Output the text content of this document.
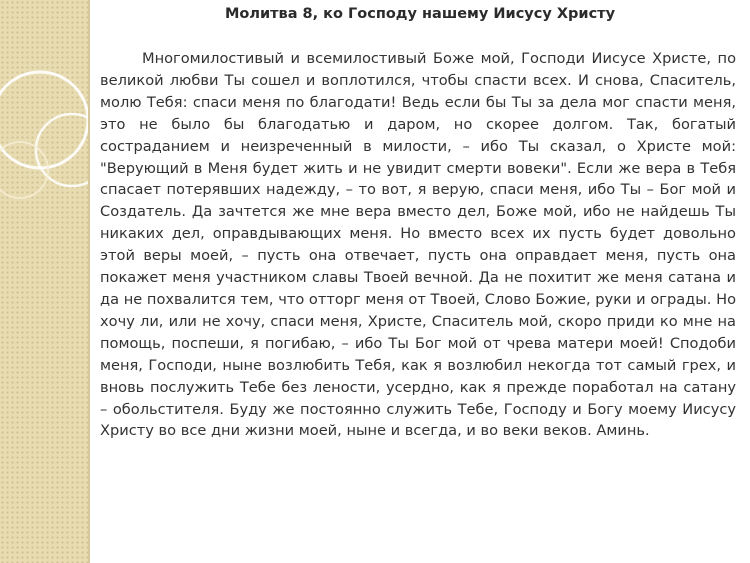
Молитва 8, ко Господу нашему Иисусу Христу

Многомилостивый и всемилостивый Боже мой, Господи Иисусе Христе, по великой любви Ты сошел и воплотился, чтобы спасти всех. И снова, Спаситель, молю Тебя: спаси меня по благодати! Ведь если бы Ты за дела мог спасти меня, это не было бы благодатью и даром, но скорее долгом. Так, богатый состраданием и неизреченный в милости, – ибо Ты сказал, о Христе мой: "Верующий в Меня будет жить и не увидит смерти вовеки". Если же вера в Тебя спасает потерявших надежду, – то вот, я верую, спаси меня, ибо Ты – Бог мой и Создатель. Да зачтется же мне вера вместо дел, Боже мой, ибо не найдешь Ты никаких дел, оправдывающих меня. Но вместо всех их пусть будет довольно этой веры моей, – пусть она отвечает, пусть она оправдает меня, пусть она покажет меня участником славы Твоей вечной. Да не похитит же меня сатана и да не похвалится тем, что отторг меня от Твоей, Слово Божие, руки и ограды. Но хочу ли, или не хочу, спаси меня, Христе, Спаситель мой, скоро приди ко мне на помощь, поспеши, я погибаю, – ибо Ты Бог мой от чрева матери моей! Сподоби меня, Господи, ныне возлюбить Тебя, как я возлюбил некогда тот самый грех, и вновь послужить Тебе без лености, усердно, как я прежде поработал на сатану – обольстителя. Буду же постоянно служить Тебе, Господу и Богу моему Иисусу Христу во все дни жизни моей, ныне и всегда, и во веки веков. Аминь.
